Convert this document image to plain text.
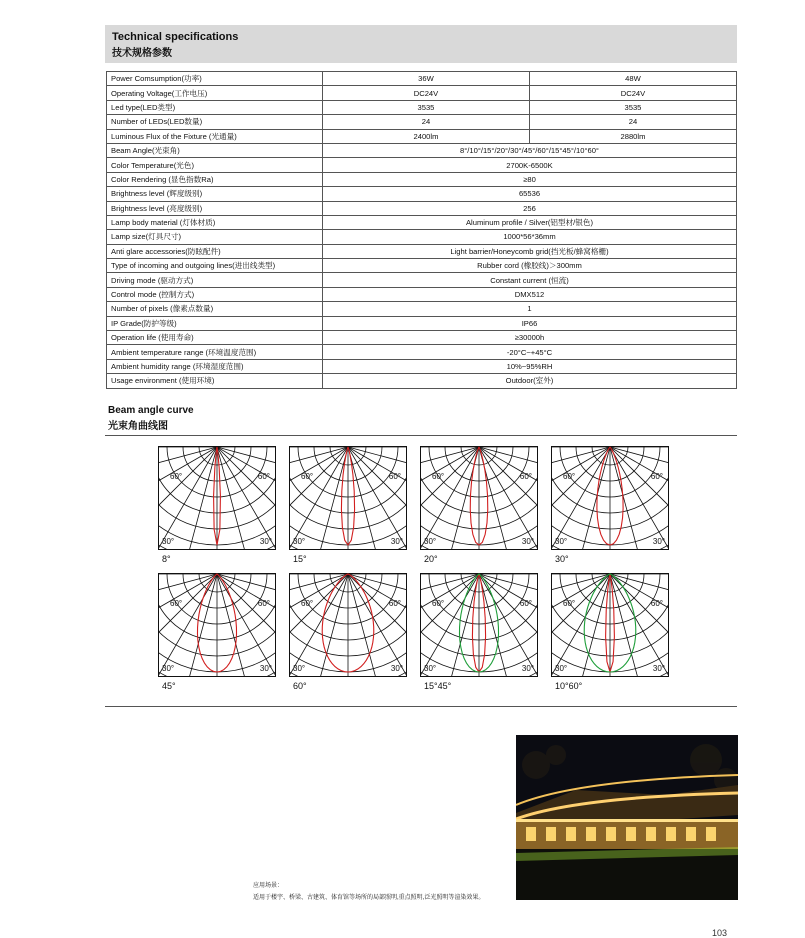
Technical specifications
技术规格参数
Power Comsumption(功率)	36W	48W
Operating Voltage(工作电压)	DC24V	DC24V
Led type(LED类型)	3535	3535
Number of LEDs(LED数量)	24	24
Luminous Flux of the Fixture (光通量)	2400lm	2880lm
Beam Angle(光束角)	8°/10°/15°/20°/30°/45°/60°/15°45°/10°60°	
Color Temperature(光色)	2700K-6500K	
Color Rendering (显色指数Ra)	≥80	
Brightness level (辉度级别)	65536	
Brightness level (亮度级别)	256	
Lamp body material (灯体材质)	Aluminum profile / Silver(铝型材/银色)	
Lamp size(灯具尺寸)	1000*56*36mm	
Anti glare accessories(防眩配件)	Light barrier/Honeycomb grid(挡光板/蜂窝格栅)	
Type of incoming and outgoing lines(进出线类型)	Rubber cord (橡胶线)＞300mm	
Driving mode (驱动方式)	Constant current (恒流)	
Control mode (控制方式)	DMX512	
Number of pixels (像素点数量)	1	
IP Grade(防护等级)	IP66	
Operation life (使用寿命)	≥30000h	
Ambient temperature range (环境温度范围)	-20°C~+45°C	
Ambient humidity range (环境湿度范围)	10%~95%RH	
Usage environment (使用环境)	Outdoor(室外)	
Beam angle curve
光束角曲线图
60°	60°
30°	30°
8°
60°	60°
30°	30°
15°
60°	60°
30°	30°
20°
60°	60°
30°	30°
30°
60°	60°
30°	30°
45°
60°	60°
30°	30°
60°
60°	60°
30°	30°
15°45°
60°	60°
30°	30°
10°60°
应用场景：
适用于楼宇、桥梁、古建筑、体育馆等场所的局部照明,重点照明,泛光照明等渲染效果。
103
